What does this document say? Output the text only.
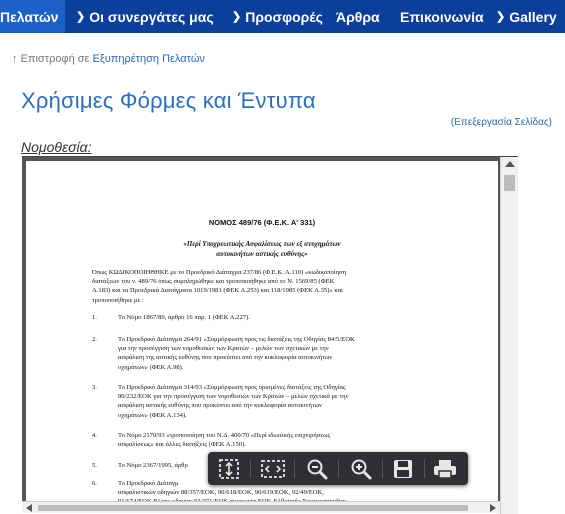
Πελατών ❯ Οι συνεργάτες μας ❯ Προσφορές Άρθρα Επικοινωνία ❯ Gallery
↑ Επιστροφή σε Εξυπηρέτηση Πελατών
Χρήσιμες Φόρμες και Έντυπα
(Επεξεργασία Σελίδας)
Νομοθεσία:
ΝΟΜΟΣ 489/76 (Φ.Ε.Κ. Α' 331)
«Περί Υποχρεωτικής Ασφαλίσεως των εξ ατυχημάτων
αυτοκινήτων αστικής ευθύνης»
Όπως ΚΩΔΙΚΟΠΟΙΗΘΗΚΕ με το Προεδρικό Διάταγμα 237/86 (Φ.Ε.Κ. Α.110) «κωδικοποίηση
διατάξεων του ν. 489/76 όπως συμπληρώθηκε και τροποποιήθηκε από το Ν. 1569/85 (ΦΕΚ
Α.183) και τα Προεδρικά Διατάγματα 1019/1981 (ΦΕΚ Α.253) και 118/1985 (ΦΕΚ Α.35)» και
τροποποιήθηκε με :
1.	Το Νόμο 1867/89, άρθρο 16 παρ. 1 (ΦΕΚ Α.227).
2.	Το Προεδρικό Διάταγμα 264/91 «Συμμόρφωση προς τις διατάξεις της Οδηγίας 84/5/ΕΟΚ
για την προσέγγιση των νομοθεσιών των Κρατών – μελών των σχετικών με την
ασφάλιση της αστικής ευθύνης που προκύπτει από την κυκλοφορία αυτοκινήτων
οχημάτων» (ΦΕΚ Α.98).
3.	Το Προεδρικό Διάταγμα 314/93 «Συμμόρφωση προς ορισμένες διατάξεις της Οδηγίας
90/232/ΕΟΚ για την προσέγγιση των νομοθεσιών των Κρατών – μελών σχετικά με την
ασφάλιση αστικής ευθύνης που προκύπτει από την κυκλοφορία αυτοκινήτων
οχημάτων» (ΦΕΚ Α.134).
4.	Το Νόμο 2170/93 «τροποποίηση του Ν.Δ. 400/70 «Περί ιδιωτικής επιχειρήσεως
ασφαλίσεως» και άλλες διατάξεις (ΦΕΚ Α.150).
5.	Το Νόμο 2367/1995, άρθρ
6.	Το Προεδρικό Διάταγμ
ασφαλιστικών οδηγιών 88/357/ΕΟΚ, 90/618/ΕΟΚ, 90/619/ΕΟΚ, 92/49/ΕΟΚ,
